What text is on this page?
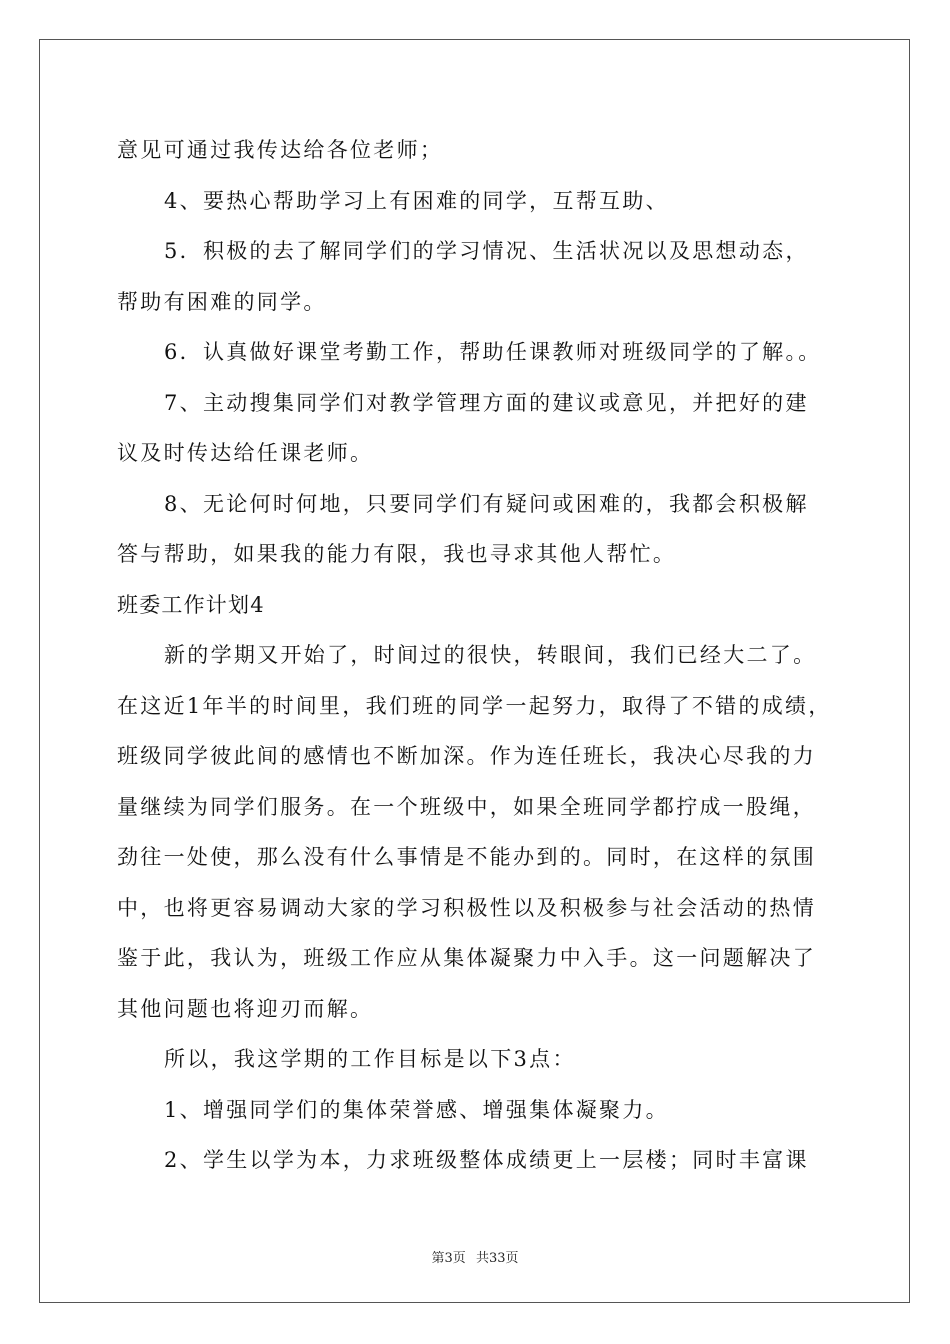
意见可通过我传达给各位老师；
4、要热心帮助学习上有困难的同学，互帮互助、
5．积极的去了解同学们的学习情况、生活状况以及思想动态，
帮助有困难的同学。
6．认真做好课堂考勤工作，帮助任课教师对班级同学的了解。。
7、主动搜集同学们对教学管理方面的建议或意见，并把好的建
议及时传达给任课老师。
8、无论何时何地，只要同学们有疑问或困难的，我都会积极解
答与帮助，如果我的能力有限，我也寻求其他人帮忙。
班委工作计划4
新的学期又开始了，时间过的很快，转眼间，我们已经大二了。
在这近1年半的时间里，我们班的同学一起努力，取得了不错的成绩，
班级同学彼此间的感情也不断加深。作为连任班长，我决心尽我的力
量继续为同学们服务。在一个班级中，如果全班同学都拧成一股绳，
劲往一处使，那么没有什么事情是不能办到的。同时，在这样的氛围
中，也将更容易调动大家的学习积极性以及积极参与社会活动的热情
鉴于此，我认为，班级工作应从集体凝聚力中入手。这一问题解决了
其他问题也将迎刃而解。
所以，我这学期的工作目标是以下3点：
1、增强同学们的集体荣誉感、增强集体凝聚力。
2、学生以学为本，力求班级整体成绩更上一层楼；同时丰富课
第3页 共33页
